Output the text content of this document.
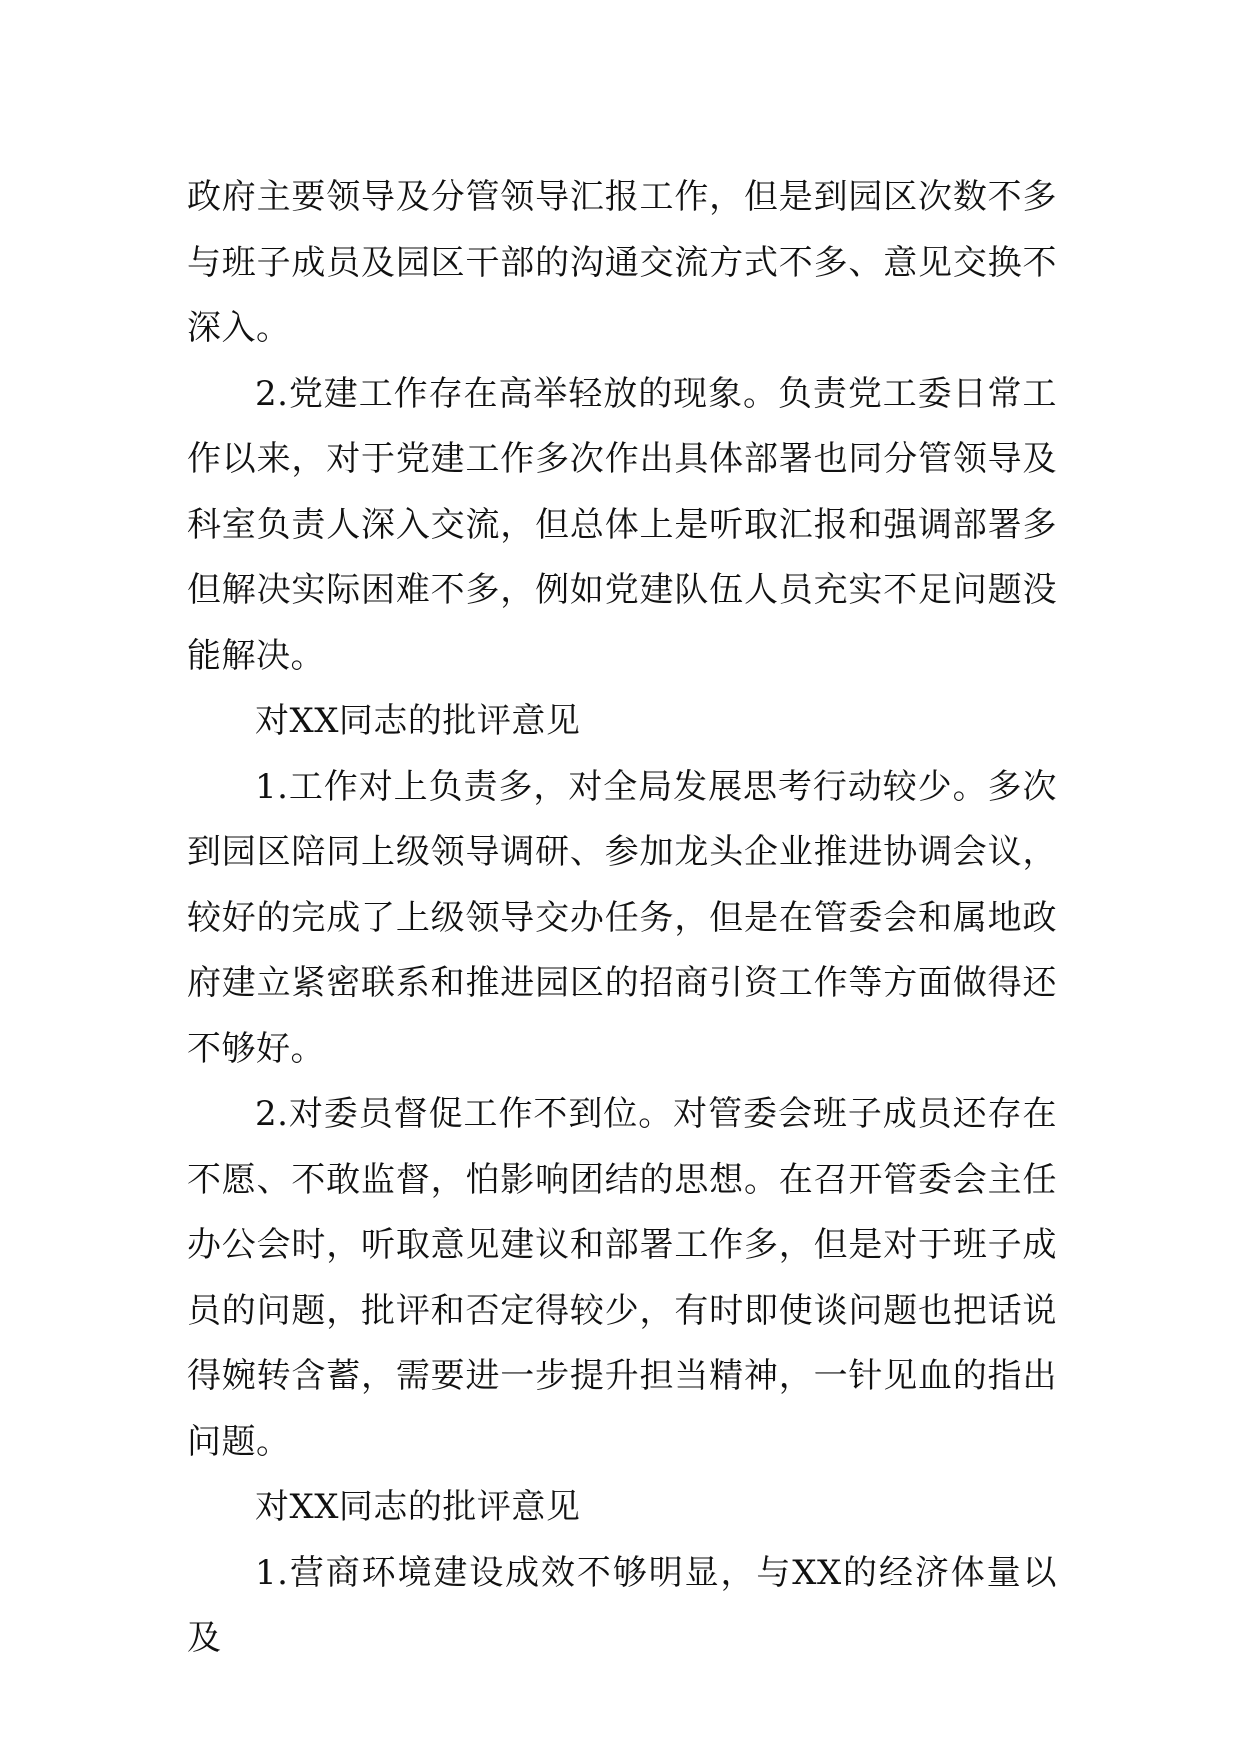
政府主要领导及分管领导汇报工作，但是到园区次数不多与班子成员及园区干部的沟通交流方式不多、意见交换不深入。

2.党建工作存在高举轻放的现象。负责党工委日常工作以来，对于党建工作多次作出具体部署也同分管领导及科室负责人深入交流，但总体上是听取汇报和强调部署多但解决实际困难不多，例如党建队伍人员充实不足问题没能解决。

对XX同志的批评意见

1.工作对上负责多，对全局发展思考行动较少。多次到园区陪同上级领导调研、参加龙头企业推进协调会议，较好的完成了上级领导交办任务，但是在管委会和属地政府建立紧密联系和推进园区的招商引资工作等方面做得还不够好。

2.对委员督促工作不到位。对管委会班子成员还存在不愿、不敢监督，怕影响团结的思想。在召开管委会主任办公会时，听取意见建议和部署工作多，但是对于班子成员的问题，批评和否定得较少，有时即使谈问题也把话说得婉转含蓄，需要进一步提升担当精神，一针见血的指出问题。

对XX同志的批评意见

1.营商环境建设成效不够明显，与XX的经济体量以及
